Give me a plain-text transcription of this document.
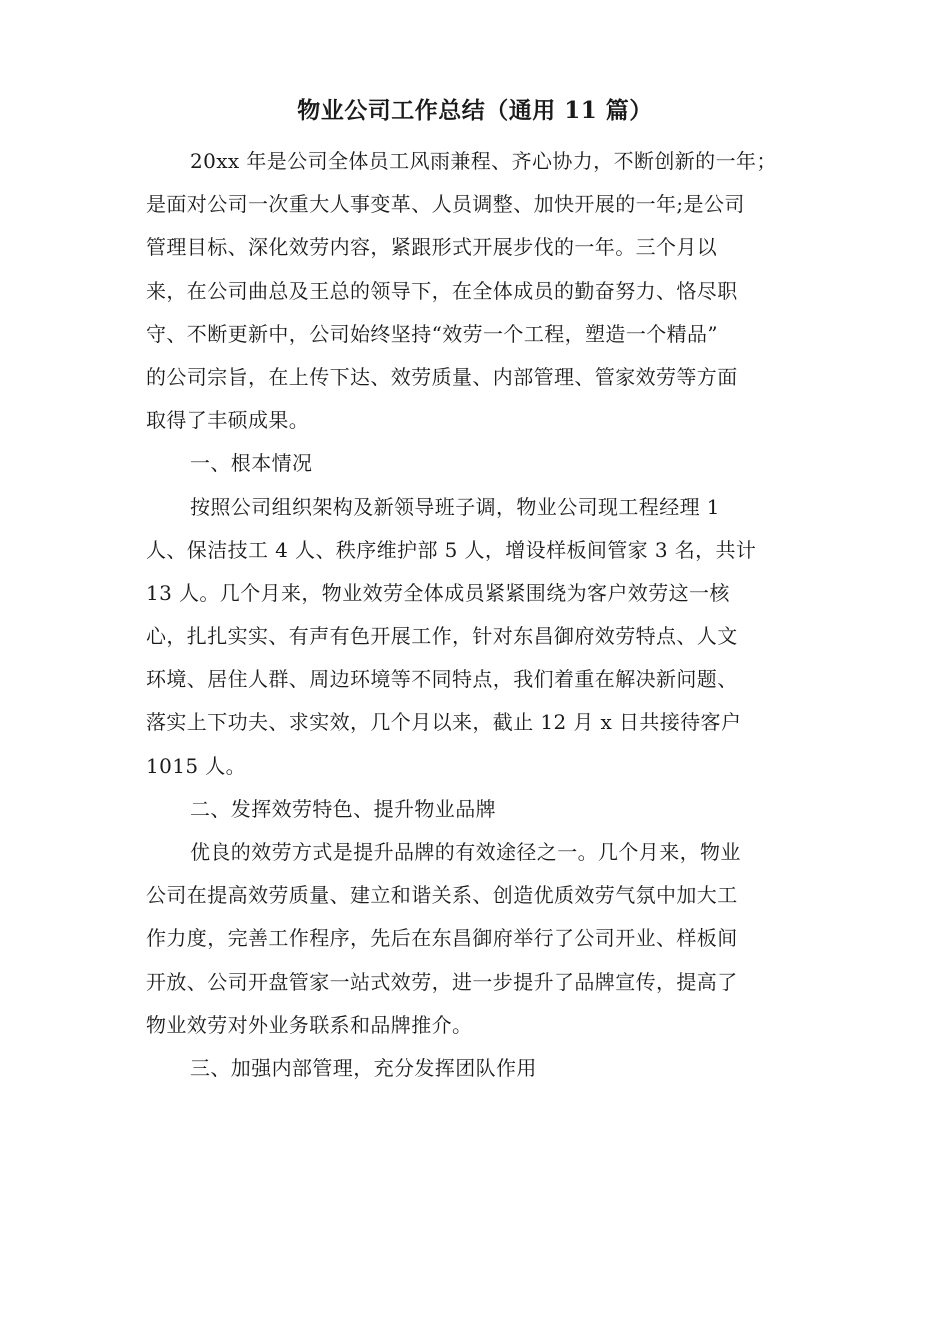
物业公司工作总结（通用 11 篇）
20xx 年是公司全体员工风雨兼程、齐心协力，不断创新的一年；
是面对公司一次重大人事变革、人员调整、加快开展的一年;是公司
管理目标、深化效劳内容，紧跟形式开展步伐的一年。三个月以
来，在公司曲总及王总的领导下，在全体成员的勤奋努力、恪尽职
守、不断更新中，公司始终坚持“效劳一个工程，塑造一个精品”
的公司宗旨，在上传下达、效劳质量、内部管理、管家效劳等方面
取得了丰硕成果。
一、根本情况
按照公司组织架构及新领导班子调，物业公司现工程经理 1
人、保洁技工 4 人、秩序维护部 5 人，增设样板间管家 3 名，共计
13 人。几个月来，物业效劳全体成员紧紧围绕为客户效劳这一核
心，扎扎实实、有声有色开展工作，针对东昌御府效劳特点、人文
环境、居住人群、周边环境等不同特点，我们着重在解决新问题、
落实上下功夫、求实效，几个月以来，截止 12 月 x 日共接待客户
1015 人。
二、发挥效劳特色、提升物业品牌
优良的效劳方式是提升品牌的有效途径之一。几个月来，物业
公司在提高效劳质量、建立和谐关系、创造优质效劳气氛中加大工
作力度，完善工作程序，先后在东昌御府举行了公司开业、样板间
开放、公司开盘管家一站式效劳，进一步提升了品牌宣传，提高了
物业效劳对外业务联系和品牌推介。
三、加强内部管理，充分发挥团队作用
